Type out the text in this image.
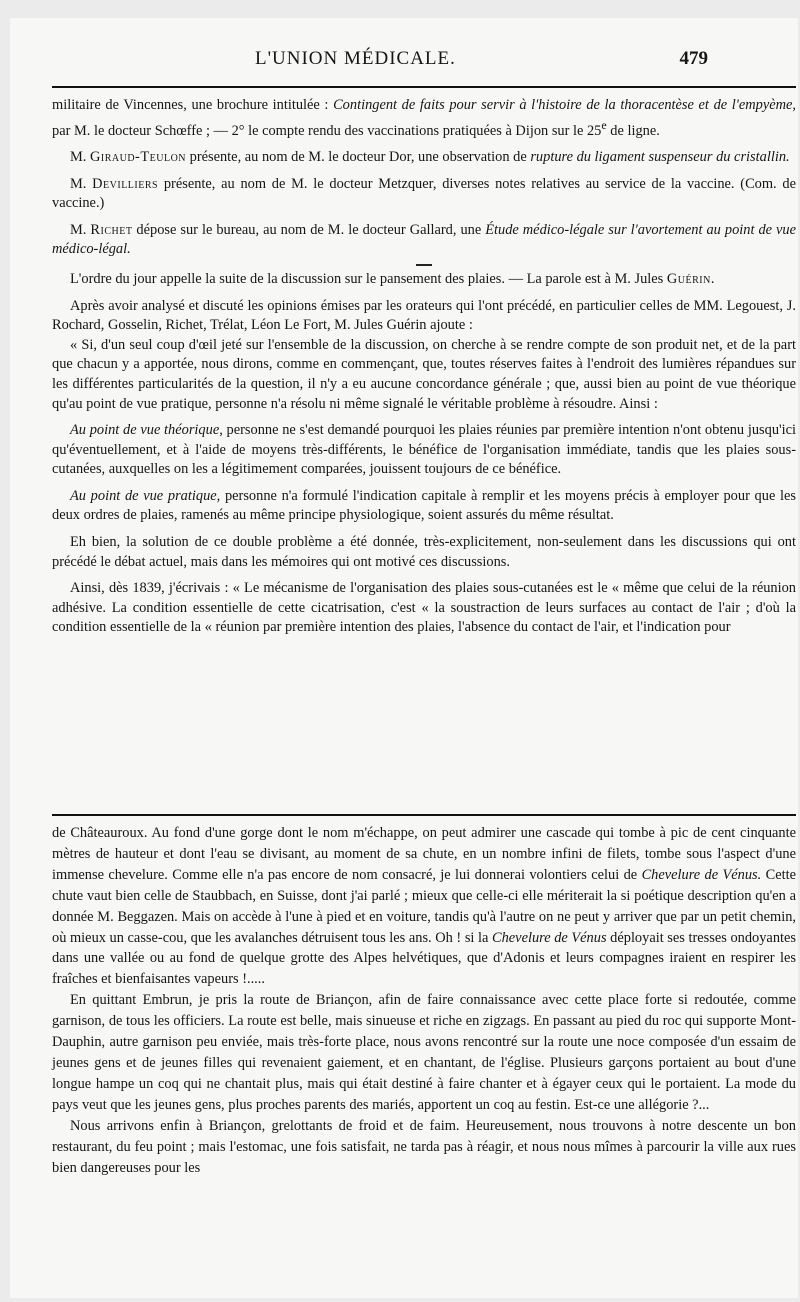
L'UNION MÉDICALE.	479

militaire de Vincennes, une brochure intitulée : Contingent de faits pour servir à l'histoire de la thoracentèse et de l'empyème, par M. le docteur Schœffe ; — 2° le compte rendu des vaccinations pratiquées à Dijon sur le 25e de ligne.

M. Giraud-Teulon présente, au nom de M. le docteur Dor, une observation de rupture du ligament suspenseur du cristallin.

M. Devilliers présente, au nom de M. le docteur Metzquer, diverses notes relatives au service de la vaccine. (Com. de vaccine.)

M. Richet dépose sur le bureau, au nom de M. le docteur Gallard, une Étude médico-légale sur l'avortement au point de vue médico-légal.

L'ordre du jour appelle la suite de la discussion sur le pansement des plaies. — La parole est à M. Jules Guérin.

Après avoir analysé et discuté les opinions émises par les orateurs qui l'ont précédé, en particulier celles de MM. Legouest, J. Rochard, Gosselin, Richet, Trélat, Léon Le Fort, M. Jules Guérin ajoute :

« Si, d'un seul coup d'œil jeté sur l'ensemble de la discussion, on cherche à se rendre compte de son produit net, et de la part que chacun y a apportée, nous dirons, comme en commençant, que, toutes réserves faites à l'endroit des lumières répandues sur les différentes particularités de la question, il n'y a eu aucune concordance générale ; que, aussi bien au point de vue théorique qu'au point de vue pratique, personne n'a résolu ni même signalé le véritable problème à résoudre. Ainsi :

Au point de vue théorique, personne ne s'est demandé pourquoi les plaies réunies par première intention n'ont obtenu jusqu'ici qu'éventuellement, et à l'aide de moyens très-différents, le bénéfice de l'organisation immédiate, tandis que les plaies sous-cutanées, auxquelles on les a légitimement comparées, jouissent toujours de ce bénéfice.

Au point de vue pratique, personne n'a formulé l'indication capitale à remplir et les moyens précis à employer pour que les deux ordres de plaies, ramenés au même principe physiologique, soient assurés du même résultat.

Eh bien, la solution de ce double problème a été donnée, très-explicitement, non-seulement dans les discussions qui ont précédé le débat actuel, mais dans les mémoires qui ont motivé ces discussions.

Ainsi, dès 1839, j'écrivais : « Le mécanisme de l'organisation des plaies sous-cutanées est le « même que celui de la réunion adhésive. La condition essentielle de cette cicatrisation, c'est « la soustraction de leurs surfaces au contact de l'air ; d'où la condition essentielle de la « réunion par première intention des plaies, l'absence du contact de l'air, et l'indication pour

de Châteauroux. Au fond d'une gorge dont le nom m'échappe, on peut admirer une cascade qui tombe à pic de cent cinquante mètres de hauteur et dont l'eau se divisant, au moment de sa chute, en un nombre infini de filets, tombe sous l'aspect d'une immense chevelure. Comme elle n'a pas encore de nom consacré, je lui donnerai volontiers celui de Chevelure de Vénus. Cette chute vaut bien celle de Staubbach, en Suisse, dont j'ai parlé ; mieux que celle-ci elle mériterait la si poétique description qu'en a donnée M. Beggazen. Mais on accède à l'une à pied et en voiture, tandis qu'à l'autre on ne peut y arriver que par un petit chemin, où mieux un casse-cou, que les avalanches détruisent tous les ans. Oh ! si la Chevelure de Vénus déployait ses tresses ondoyantes dans une vallée ou au fond de quelque grotte des Alpes helvétiques, que d'Adonis et leurs compagnes iraient en respirer les fraîches et bienfaisantes vapeurs !.....

En quittant Embrun, je pris la route de Briançon, afin de faire connaissance avec cette place forte si redoutée, comme garnison, de tous les officiers. La route est belle, mais sinueuse et riche en zigzags. En passant au pied du roc qui supporte Mont-Dauphin, autre garnison peu enviée, mais très-forte place, nous avons rencontré sur la route une noce composée d'un essaim de jeunes gens et de jeunes filles qui revenaient gaiement, et en chantant, de l'église. Plusieurs garçons portaient au bout d'une longue hampe un coq qui ne chantait plus, mais qui était destiné à faire chanter et à égayer ceux qui le portaient. La mode du pays veut que les jeunes gens, plus proches parents des mariés, apportent un coq au festin. Est-ce une allégorie ?...

Nous arrivons enfin à Briançon, grelottants de froid et de faim. Heureusement, nous trouvons à notre descente un bon restaurant, du feu point ; mais l'estomac, une fois satisfait, ne tarda pas à réagir, et nous nous mîmes à parcourir la ville aux rues bien dangereuses pour les
